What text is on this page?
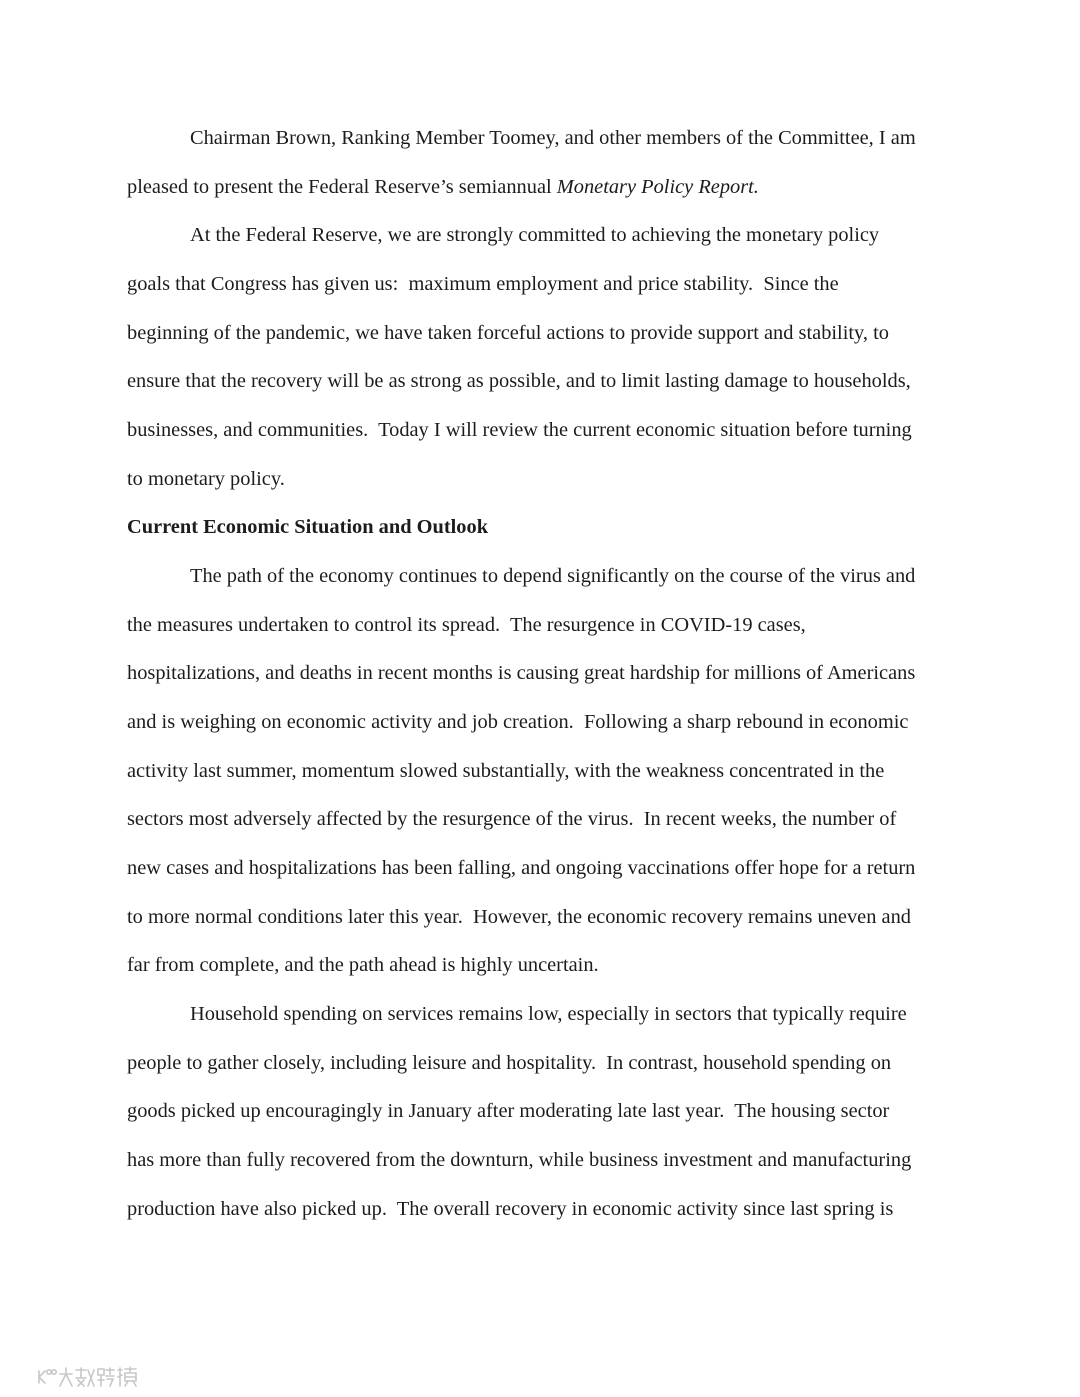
Chairman Brown, Ranking Member Toomey, and other members of the Committee, I am
pleased to present the Federal Reserve’s semiannual Monetary Policy Report.
At the Federal Reserve, we are strongly committed to achieving the monetary policy
goals that Congress has given us:  maximum employment and price stability.  Since the
beginning of the pandemic, we have taken forceful actions to provide support and stability, to
ensure that the recovery will be as strong as possible, and to limit lasting damage to households,
businesses, and communities.  Today I will review the current economic situation before turning
to monetary policy.
Current Economic Situation and Outlook
The path of the economy continues to depend significantly on the course of the virus and
the measures undertaken to control its spread.  The resurgence in COVID-19 cases,
hospitalizations, and deaths in recent months is causing great hardship for millions of Americans
and is weighing on economic activity and job creation.  Following a sharp rebound in economic
activity last summer, momentum slowed substantially, with the weakness concentrated in the
sectors most adversely affected by the resurgence of the virus.  In recent weeks, the number of
new cases and hospitalizations has been falling, and ongoing vaccinations offer hope for a return
to more normal conditions later this year.  However, the economic recovery remains uneven and
far from complete, and the path ahead is highly uncertain.
Household spending on services remains low, especially in sectors that typically require
people to gather closely, including leisure and hospitality.  In contrast, household spending on
goods picked up encouragingly in January after moderating late last year.  The housing sector
has more than fully recovered from the downturn, while business investment and manufacturing
production have also picked up.  The overall recovery in economic activity since last spring is
